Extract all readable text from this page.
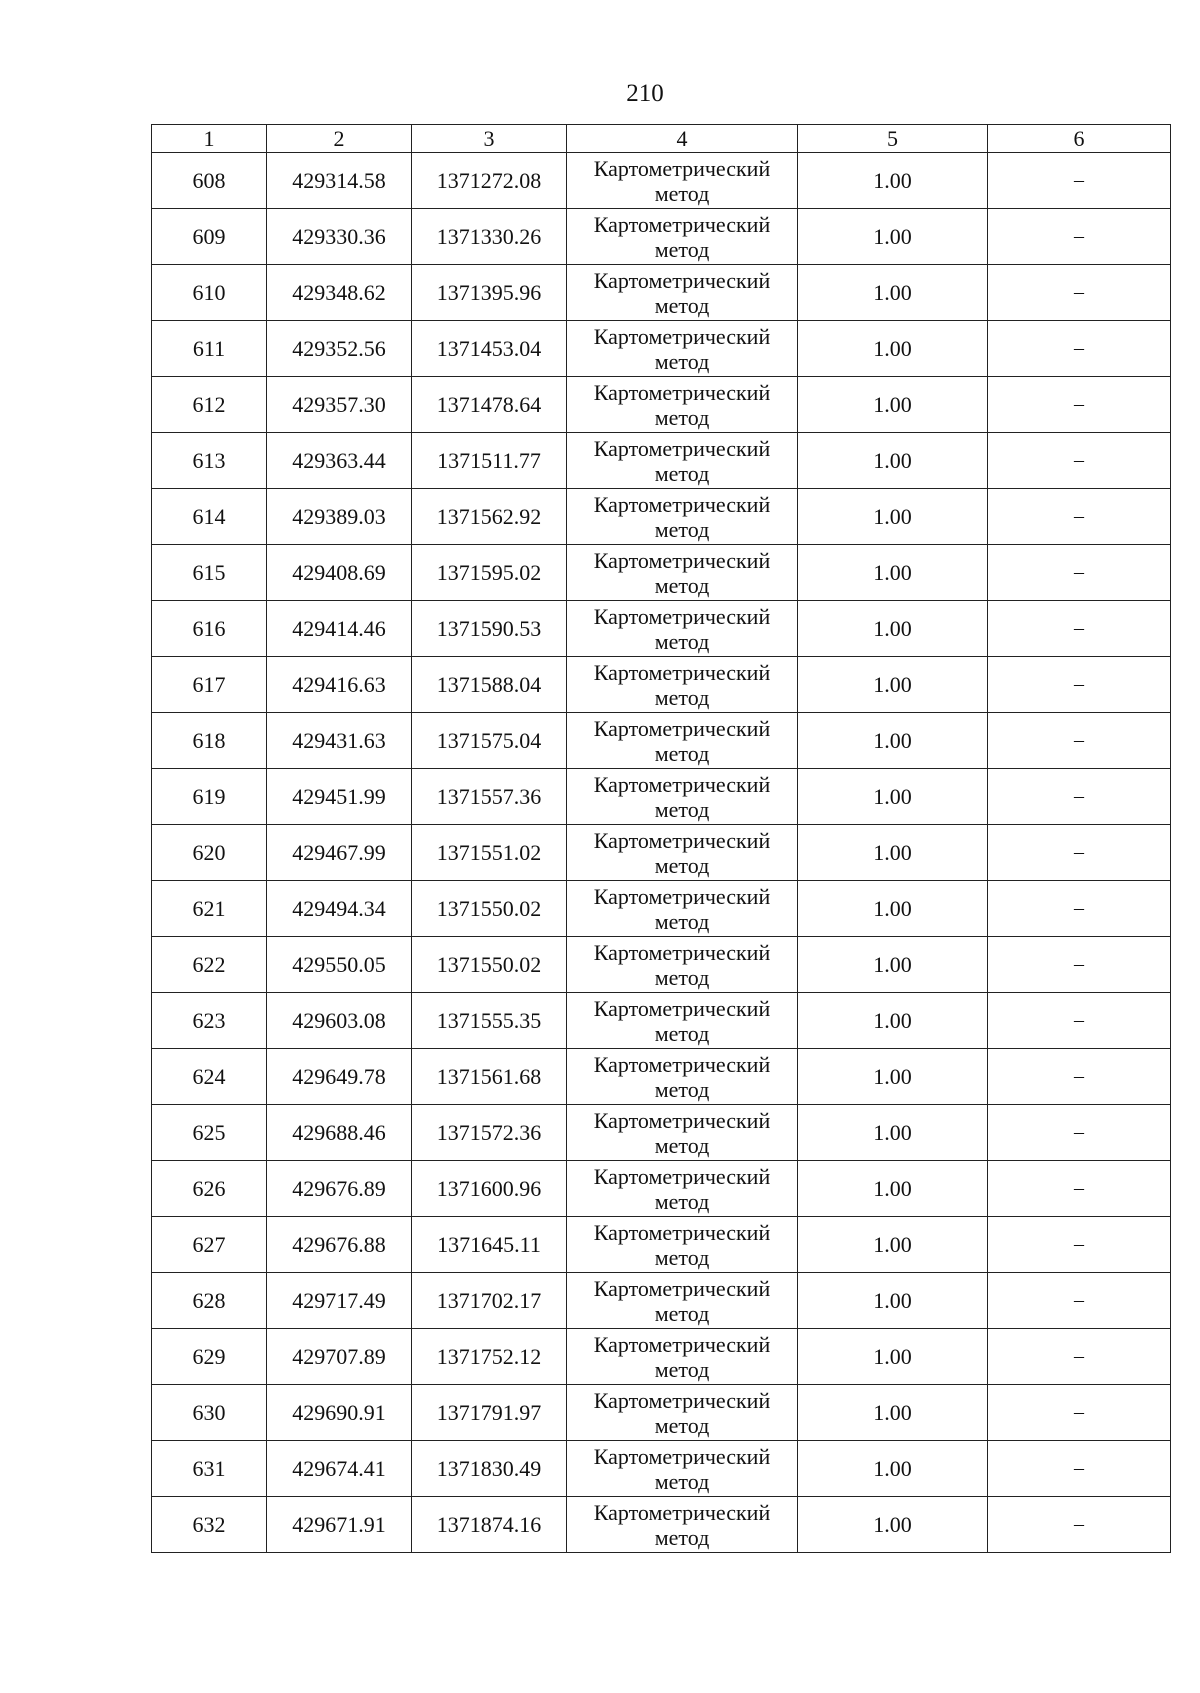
210
1	2	3	4	5	6
608	429314.58	1371272.08	Картометрический метод	1.00	–
609	429330.36	1371330.26	Картометрический метод	1.00	–
610	429348.62	1371395.96	Картометрический метод	1.00	–
611	429352.56	1371453.04	Картометрический метод	1.00	–
612	429357.30	1371478.64	Картометрический метод	1.00	–
613	429363.44	1371511.77	Картометрический метод	1.00	–
614	429389.03	1371562.92	Картометрический метод	1.00	–
615	429408.69	1371595.02	Картометрический метод	1.00	–
616	429414.46	1371590.53	Картометрический метод	1.00	–
617	429416.63	1371588.04	Картометрический метод	1.00	–
618	429431.63	1371575.04	Картометрический метод	1.00	–
619	429451.99	1371557.36	Картометрический метод	1.00	–
620	429467.99	1371551.02	Картометрический метод	1.00	–
621	429494.34	1371550.02	Картометрический метод	1.00	–
622	429550.05	1371550.02	Картометрический метод	1.00	–
623	429603.08	1371555.35	Картометрический метод	1.00	–
624	429649.78	1371561.68	Картометрический метод	1.00	–
625	429688.46	1371572.36	Картометрический метод	1.00	–
626	429676.89	1371600.96	Картометрический метод	1.00	–
627	429676.88	1371645.11	Картометрический метод	1.00	–
628	429717.49	1371702.17	Картометрический метод	1.00	–
629	429707.89	1371752.12	Картометрический метод	1.00	–
630	429690.91	1371791.97	Картометрический метод	1.00	–
631	429674.41	1371830.49	Картометрический метод	1.00	–
632	429671.91	1371874.16	Картометрический метод	1.00	–
